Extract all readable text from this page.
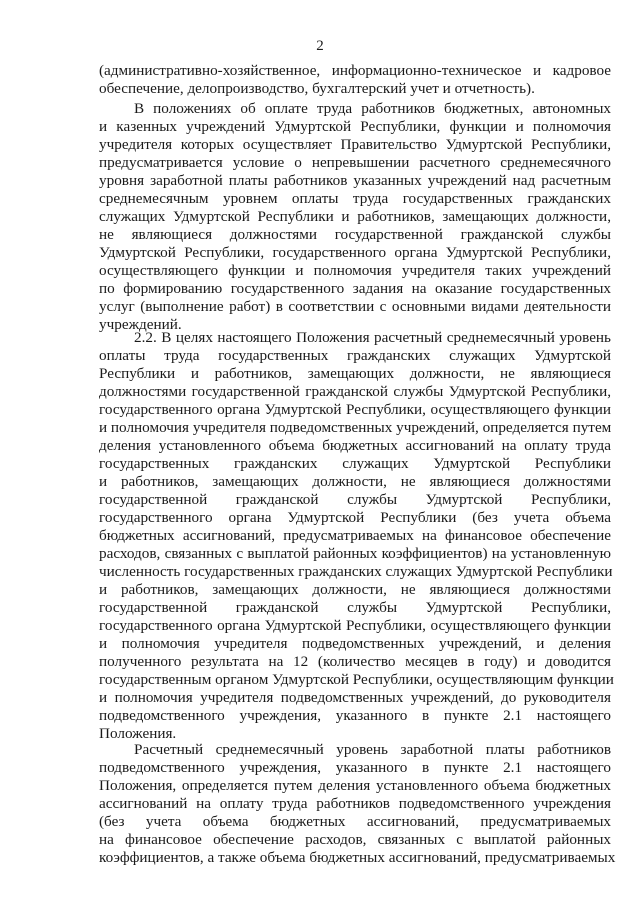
2
(административно-хозяйственное, информационно-техническое и кадровое
обеспечение, делопроизводство, бухгалтерский учет и отчетность).
В положениях об оплате труда работников бюджетных, автономных
и казенных учреждений Удмуртской Республики, функции и полномочия
учредителя которых осуществляет Правительство Удмуртской Республики,
предусматривается условие о непревышении расчетного среднемесячного
уровня заработной платы работников указанных учреждений над расчетным
среднемесячным уровнем оплаты труда государственных гражданских
служащих Удмуртской Республики и работников, замещающих должности,
не являющиеся должностями государственной гражданской службы
Удмуртской Республики, государственного органа Удмуртской Республики,
осуществляющего функции и полномочия учредителя таких учреждений
по формированию государственного задания на оказание государственных
услуг (выполнение работ) в соответствии с основными видами деятельности
учреждений.
2.2. В целях настоящего Положения расчетный среднемесячный уровень
оплаты труда государственных гражданских служащих Удмуртской
Республики и работников, замещающих должности, не являющиеся
должностями государственной гражданской службы Удмуртской Республики,
государственного органа Удмуртской Республики, осуществляющего функции
и полномочия учредителя подведомственных учреждений, определяется путем
деления установленного объема бюджетных ассигнований на оплату труда
государственных гражданских служащих Удмуртской Республики
и работников, замещающих должности, не являющиеся должностями
государственной гражданской службы Удмуртской Республики,
государственного органа Удмуртской Республики (без учета объема
бюджетных ассигнований, предусматриваемых на финансовое обеспечение
расходов, связанных с выплатой районных коэффициентов) на установленную
численность государственных гражданских служащих Удмуртской Республики
и работников, замещающих должности, не являющиеся должностями
государственной гражданской службы Удмуртской Республики,
государственного органа Удмуртской Республики, осуществляющего функции
и полномочия учредителя подведомственных учреждений, и деления
полученного результата на 12 (количество месяцев в году) и доводится
государственным органом Удмуртской Республики, осуществляющим функции
и полномочия учредителя подведомственных учреждений, до руководителя
подведомственного учреждения, указанного в пункте 2.1 настоящего
Положения.
Расчетный среднемесячный уровень заработной платы работников
подведомственного учреждения, указанного в пункте 2.1 настоящего
Положения, определяется путем деления установленного объема бюджетных
ассигнований на оплату труда работников подведомственного учреждения
(без учета объема бюджетных ассигнований, предусматриваемых
на финансовое обеспечение расходов, связанных с выплатой районных
коэффициентов, а также объема бюджетных ассигнований, предусматриваемых
